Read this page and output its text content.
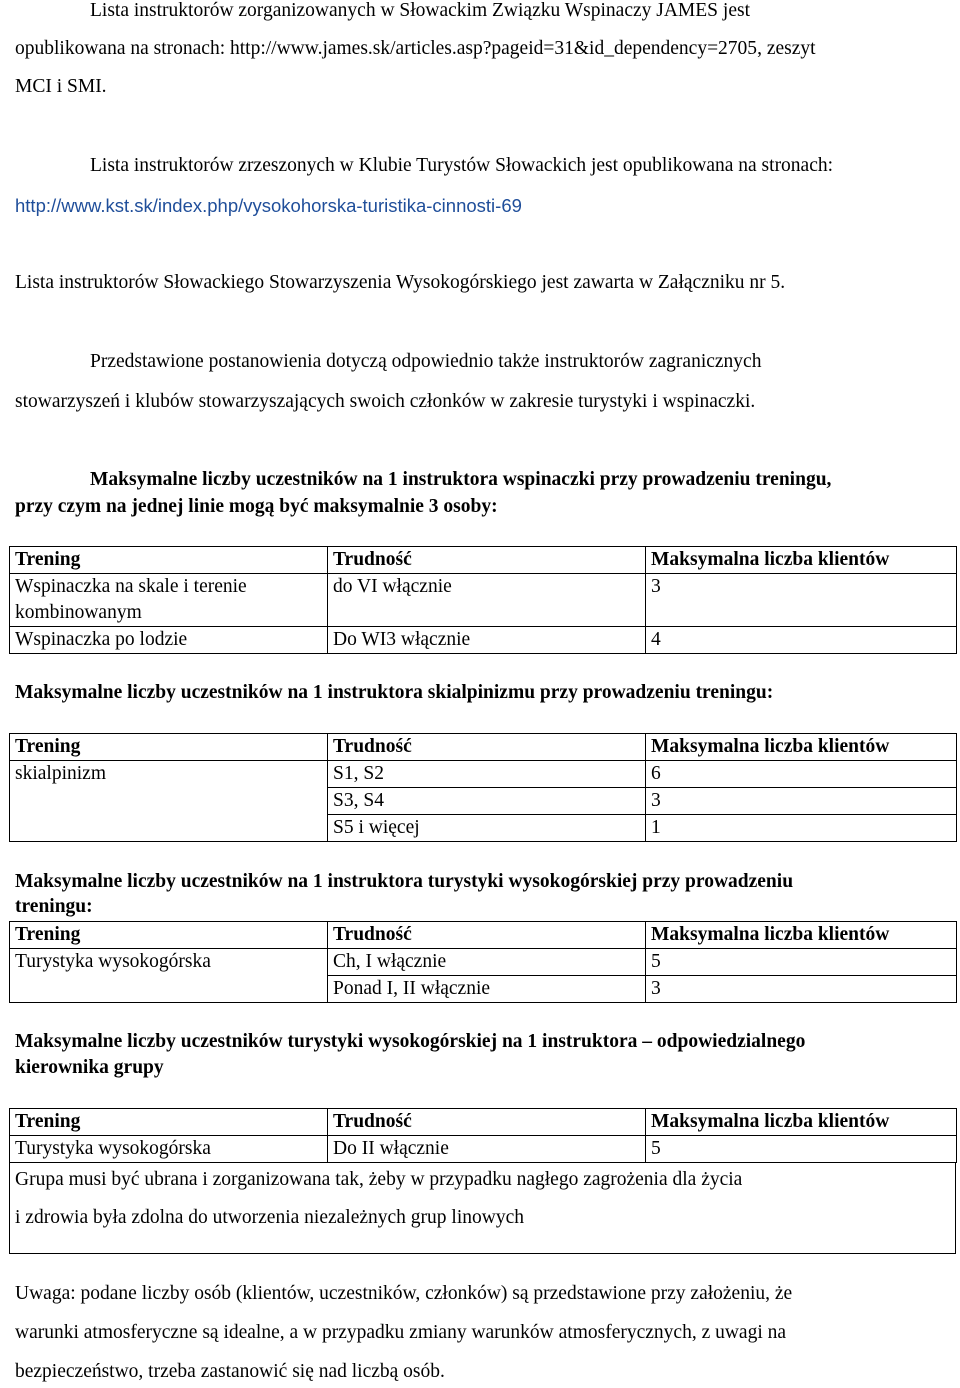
Lista instruktorów zorganizowanych w Słowackim Związku Wspinaczy JAMES jest
opublikowana na stronach: http://www.james.sk/articles.asp?pageid=31&id_dependency=2705, zeszyt
MCI i SMI.
Lista instruktorów zrzeszonych w Klubie Turystów Słowackich jest opublikowana na stronach:
http://www.kst.sk/index.php/vysokohorska-turistika-cinnosti-69
Lista instruktorów Słowackiego Stowarzyszenia Wysokogórskiego jest zawarta w Załączniku nr 5.
Przedstawione postanowienia dotyczą odpowiednio także instruktorów zagranicznych
stowarzyszeń i klubów stowarzyszających swoich członków w zakresie turystyki i wspinaczki.
Maksymalne liczby uczestników na 1 instruktora wspinaczki przy prowadzeniu treningu,
przy czym na jednej linie mogą być maksymalnie 3 osoby:
Trening	Trudność	Maksymalna liczba klientów

Wspinaczka na skale i terenie
kombinowanym	do VI włącznie	3
Wspinaczka po lodzie	Do WI3 włącznie	4
Maksymalne liczby uczestników na 1 instruktora skialpinizmu przy prowadzeniu treningu:
Trening	Trudność	Maksymalna liczba klientów
skialpinizm	S1, S2	6
	S3, S4	3
	S5 i więcej	1
Maksymalne liczby uczestników na 1 instruktora turystyki wysokogórskiej przy prowadzeniu
treningu:
Trening	Trudność	Maksymalna liczba klientów
Turystyka wysokogórska	Ch, I włącznie	5
	Ponad I, II włącznie	3
Maksymalne liczby uczestników turystyki wysokogórskiej na 1 instruktora – odpowiedzialnego
kierownika grupy
Trening	Trudność	Maksymalna liczba klientów
Turystyka wysokogórska	Do II włącznie	5
Grupa musi być ubrana i zorganizowana tak, żeby w przypadku nagłego zagrożenia dla życia
i zdrowia była zdolna do utworzenia niezależnych grup linowych
Uwaga: podane liczby osób (klientów, uczestników, członków) są przedstawione przy założeniu, że
warunki atmosferyczne są idealne, a w przypadku zmiany warunków atmosferycznych, z uwagi na
bezpieczeństwo, trzeba zastanowić się nad liczbą osób.
